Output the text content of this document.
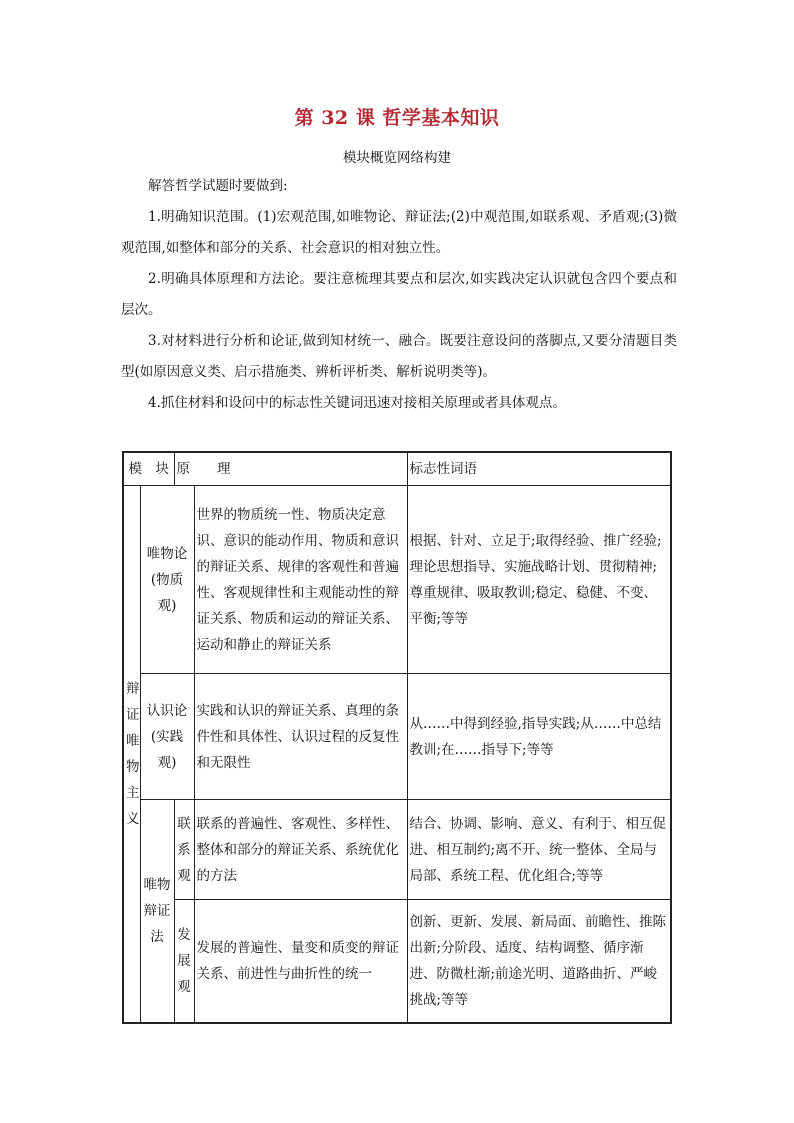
第 32 课 哲学基本知识
模块概览网络构建

解答哲学试题时要做到:

1.明确知识范围。(1)宏观范围,如唯物论、辩证法;(2)中观范围,如联系观、矛盾观;(3)微观范围,如整体和部分的关系、社会意识的相对独立性。

2.明确具体原理和方法论。要注意梳理其要点和层次,如实践决定认识就包含四个要点和层次。

3.对材料进行分析和论证,做到知材统一、融合。既要注意设问的落脚点,又要分清题目类型(如原因意义类、启示措施类、辨析评析类、解析说明类等)。

4.抓住材料和设问中的标志性关键词迅速对接相关原理或者具体观点。

模　块		原　　理		标志性词语
辩证唯物主义	唯物论(物质观)		世界的物质统一性、物质决定意识、意识的能动作用、物质和意识的辩证关系、规律的客观性和普遍性、客观规律性和主观能动性的辩证关系、物质和运动的辩证关系、运动和静止的辩证关系	根据、针对、立足于;取得经验、推广经验;理论思想指导、实施战略计划、贯彻精神;尊重规律、吸取教训;稳定、稳健、不变、平衡;等等
	认识论(实践观)		实践和认识的辩证关系、真理的条件性和具体性、认识过程的反复性和无限性	从……中得到经验,指导实践;从……中总结教训;在……指导下;等等
	唯物辩证法	联系观	联系的普遍性、客观性、多样性、整体和部分的辩证关系、系统优化的方法	结合、协调、影响、意义、有利于、相互促进、相互制约;离不开、统一整体、全局与局部、系统工程、优化组合;等等
		发展观	发展的普遍性、量变和质变的辩证关系、前进性与曲折性的统一	创新、更新、发展、新局面、前瞻性、推陈出新;分阶段、适度、结构调整、循序渐进、防微杜渐;前途光明、道路曲折、严峻挑战;等等
